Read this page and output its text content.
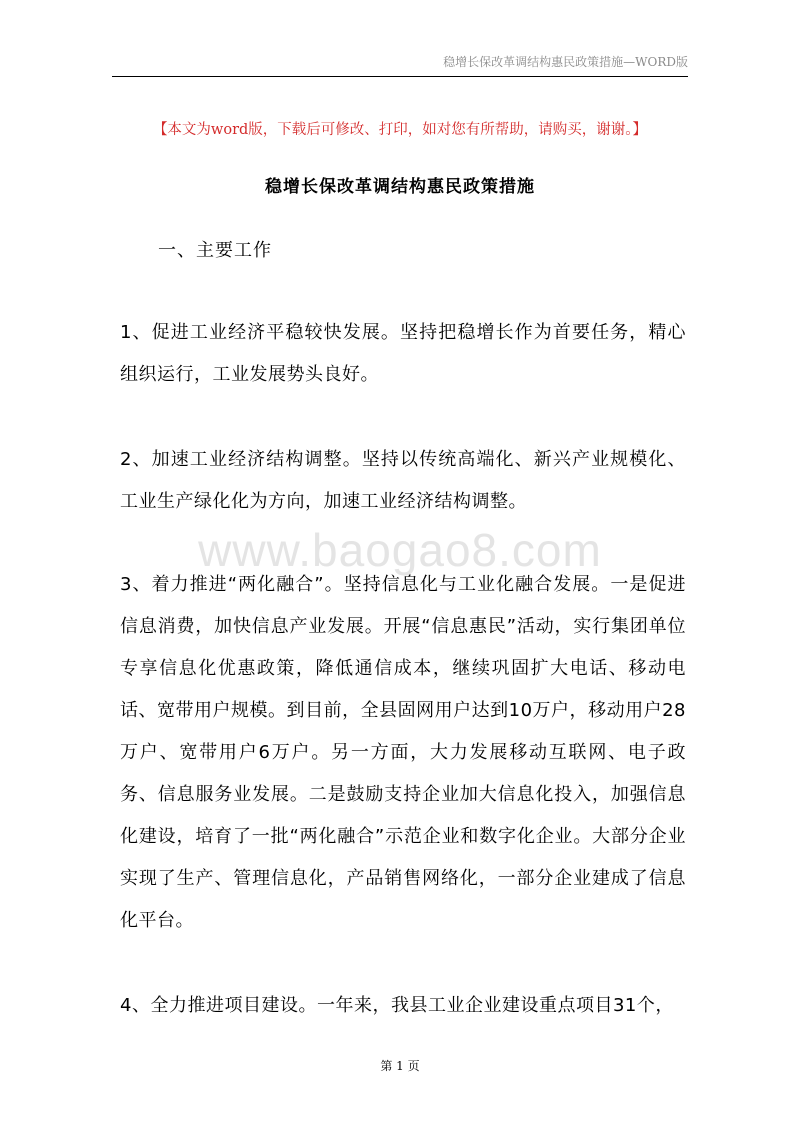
稳增长保改革调结构惠民政策措施—WORD版
【本文为word版，下载后可修改、打印，如对您有所帮助，请购买，谢谢。】
稳增长保改革调结构惠民政策措施
一、主要工作
1、促进工业经济平稳较快发展。坚持把稳增长作为首要任务，精心组织运行，工业发展势头良好。
2、加速工业经济结构调整。坚持以传统高端化、新兴产业规模化、工业生产绿化化为方向，加速工业经济结构调整。
3、着力推进“两化融合”。坚持信息化与工业化融合发展。一是促进信息消费，加快信息产业发展。开展“信息惠民”活动，实行集团单位专享信息化优惠政策，降低通信成本，继续巩固扩大电话、移动电话、宽带用户规模。到目前，全县固网用户达到10万户，移动用户28万户、宽带用户6万户。另一方面，大力发展移动互联网、电子政务、信息服务业发展。二是鼓励支持企业加大信息化投入，加强信息化建设，培育了一批“两化融合”示范企业和数字化企业。大部分企业实现了生产、管理信息化，产品销售网络化，一部分企业建成了信息化平台。
4、全力推进项目建设。一年来，我县工业企业建设重点项目31个，
www.baogao8.com
第 1 页
